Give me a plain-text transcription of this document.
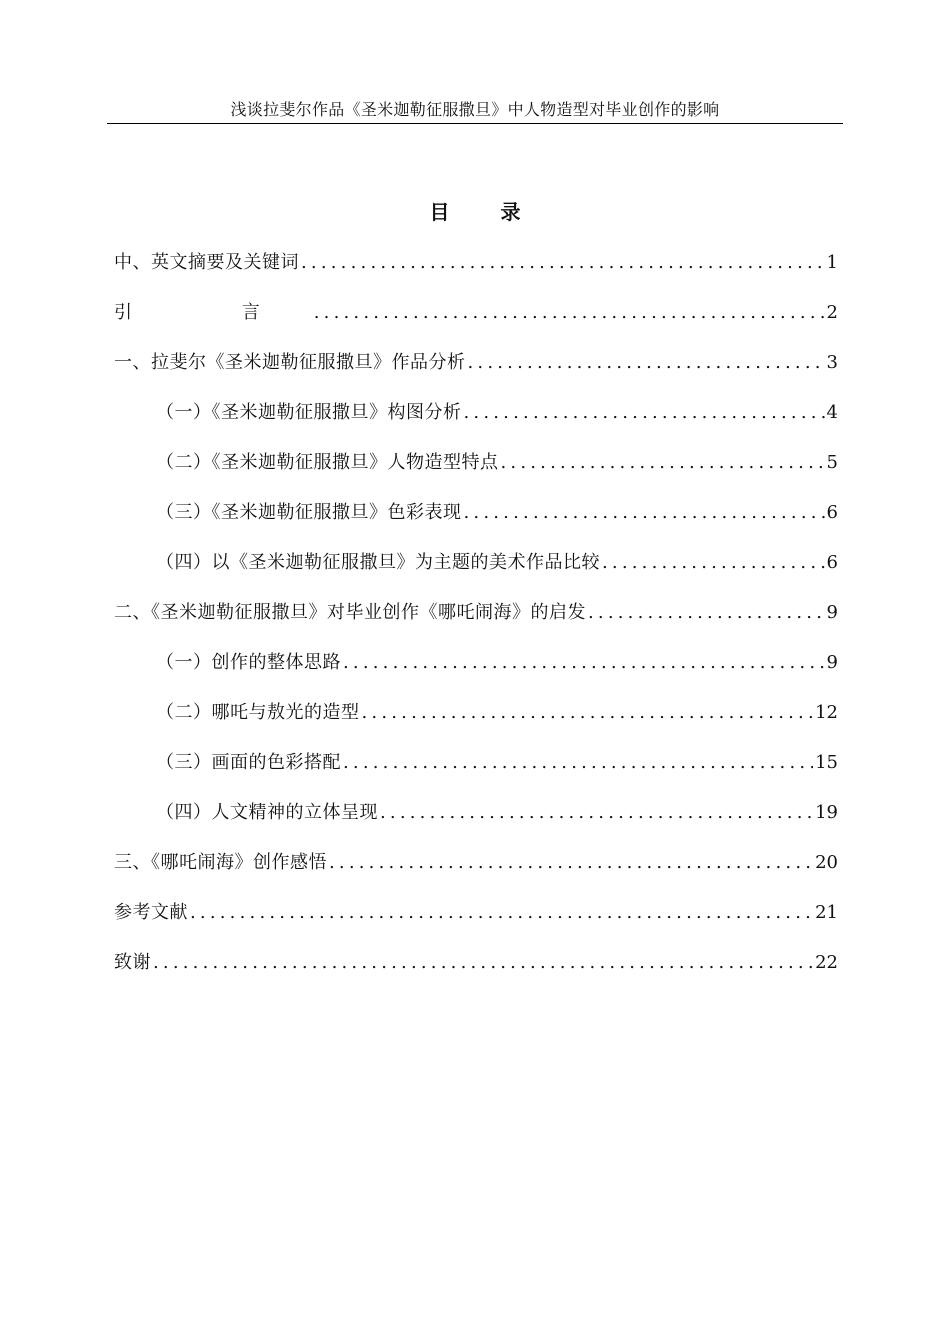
浅谈拉斐尔作品《圣米迦勒征服撒旦》中人物造型对毕业创作的影响
目 录
中、英文摘要及关键词 .....	1
引 言 .....	2
一、拉斐尔《圣米迦勒征服撒旦》作品分析 .....	3
（一）《圣米迦勒征服撒旦》构图分析 .....	4
（二）《圣米迦勒征服撒旦》人物造型特点 .....	5
（三）《圣米迦勒征服撒旦》色彩表现 .....	6
（四）以《圣米迦勒征服撒旦》为主题的美术作品比较 .....	6
二、《圣米迦勒征服撒旦》对毕业创作《哪吒闹海》的启发 .....	9
（一）创作的整体思路 .....	9
（二）哪吒与敖光的造型 .....	12
（三）画面的色彩搭配 .....	15
（四）人文精神的立体呈现 .....	19
三、《哪吒闹海》创作感悟 .....	20
参考文献 .....	21
致谢 .....	22
